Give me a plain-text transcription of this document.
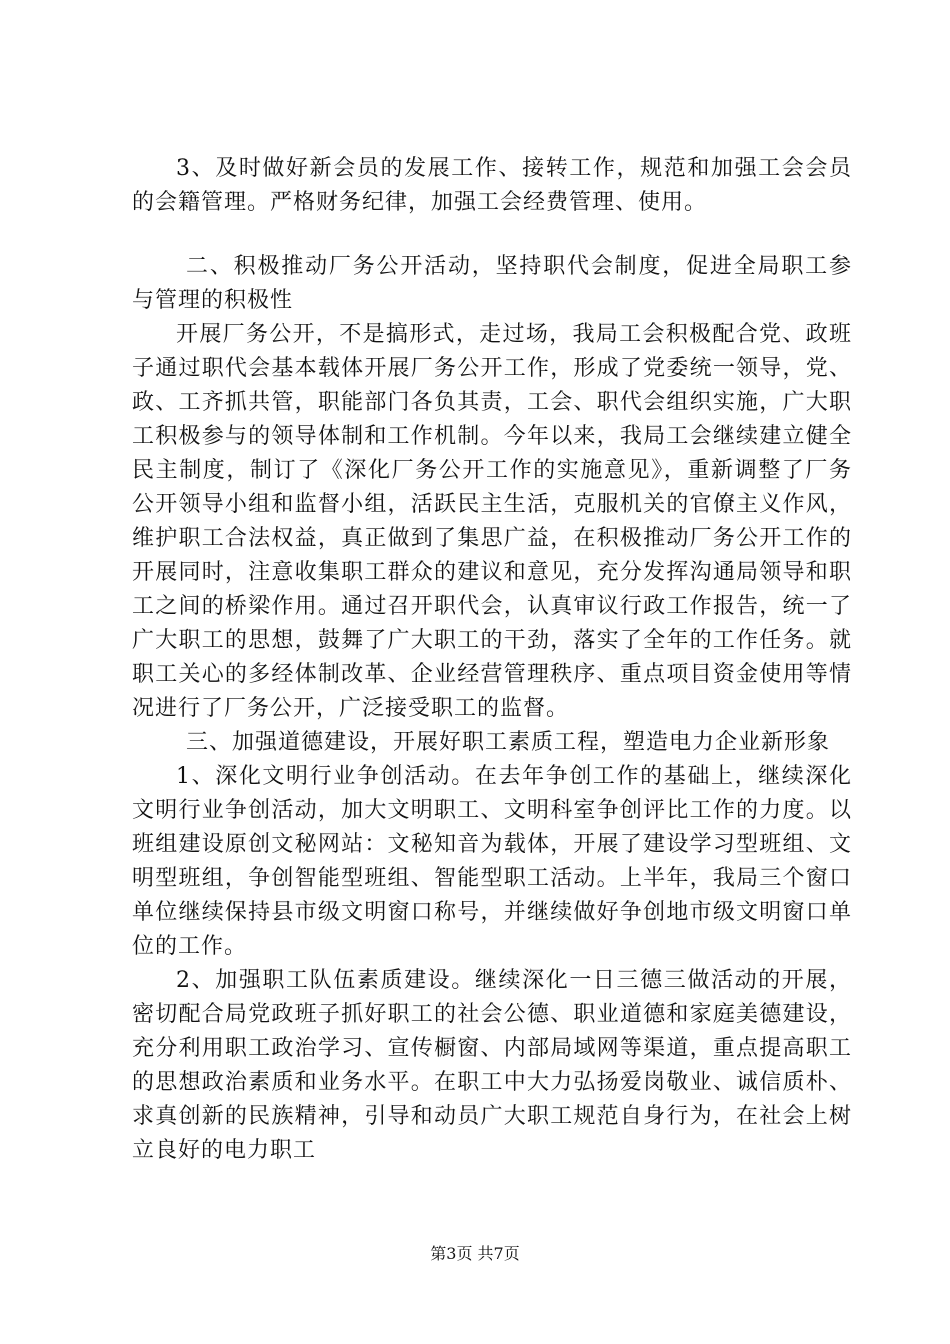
3、及时做好新会员的发展工作、接转工作，规范和加强工会会员的会籍管理。严格财务纪律，加强工会经费管理、使用。

二、积极推动厂务公开活动，坚持职代会制度，促进全局职工参与管理的积极性

开展厂务公开，不是搞形式，走过场，我局工会积极配合党、政班子通过职代会基本载体开展厂务公开工作，形成了党委统一领导，党、政、工齐抓共管，职能部门各负其责，工会、职代会组织实施，广大职工积极参与的领导体制和工作机制。今年以来，我局工会继续建立健全民主制度，制订了《深化厂务公开工作的实施意见》，重新调整了厂务公开领导小组和监督小组，活跃民主生活，克服机关的官僚主义作风，维护职工合法权益，真正做到了集思广益，在积极推动厂务公开工作的开展同时，注意收集职工群众的建议和意见，充分发挥沟通局领导和职工之间的桥梁作用。通过召开职代会，认真审议行政工作报告，统一了广大职工的思想，鼓舞了广大职工的干劲，落实了全年的工作任务。就职工关心的多经体制改革、企业经营管理秩序、重点项目资金使用等情况进行了厂务公开，广泛接受职工的监督。

三、加强道德建设，开展好职工素质工程，塑造电力企业新形象

1、深化文明行业争创活动。在去年争创工作的基础上，继续深化文明行业争创活动，加大文明职工、文明科室争创评比工作的力度。以班组建设原创文秘网站：文秘知音为载体，开展了建设学习型班组、文明型班组，争创智能型班组、智能型职工活动。上半年，我局三个窗口单位继续保持县市级文明窗口称号，并继续做好争创地市级文明窗口单位的工作。

2、加强职工队伍素质建设。继续深化一日三德三做活动的开展，密切配合局党政班子抓好职工的社会公德、职业道德和家庭美德建设，充分利用职工政治学习、宣传橱窗、内部局域网等渠道，重点提高职工的思想政治素质和业务水平。在职工中大力弘扬爱岗敬业、诚信质朴、求真创新的民族精神，引导和动员广大职工规范自身行为，在社会上树立良好的电力职工

第3页 共7页
